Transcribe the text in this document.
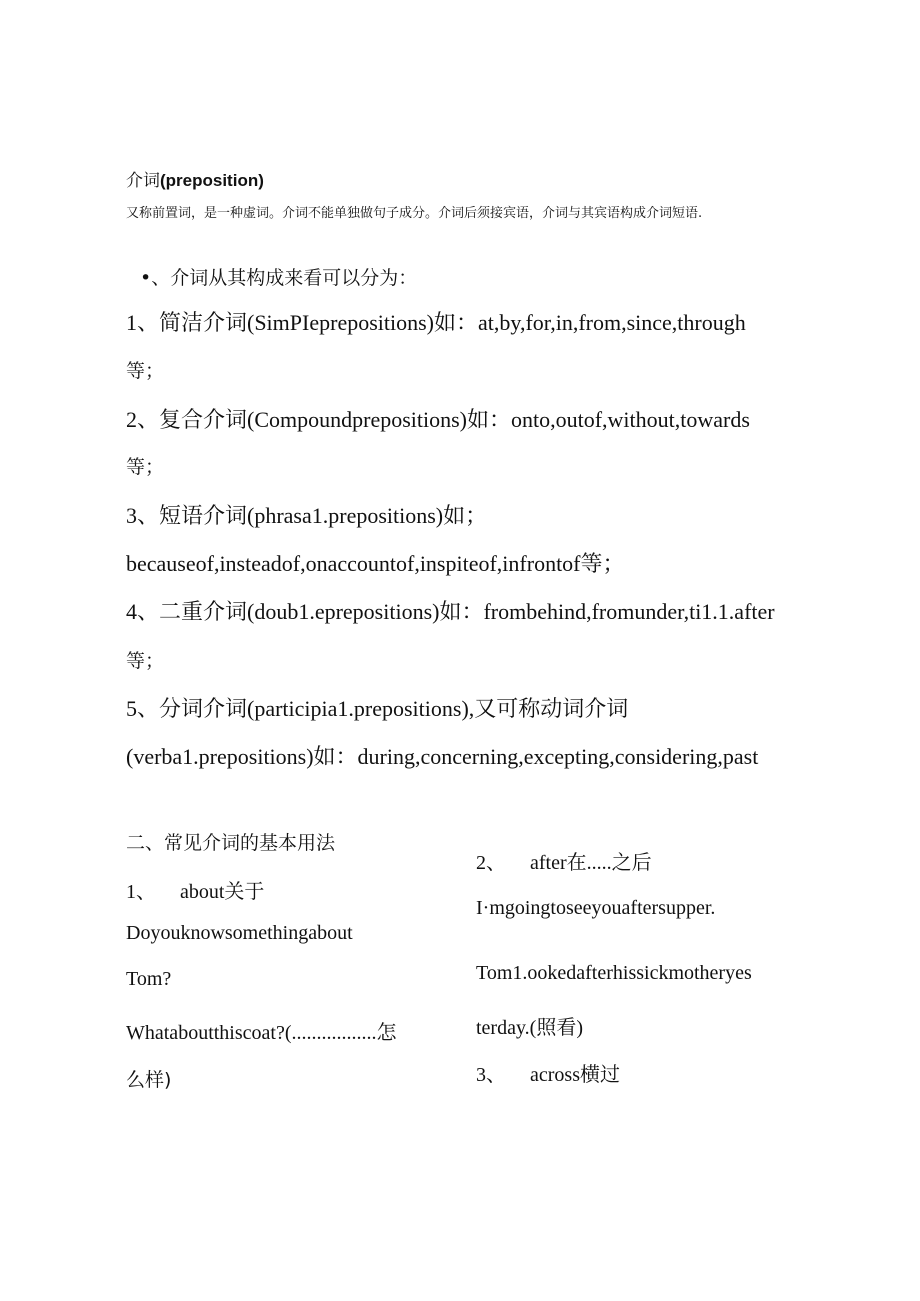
介词(preposition)
又称前置词，是一种虚词。介词不能单独做句子成分。介词后须接宾语，介词与其宾语构成介词短语.
•、介词从其构成来看可以分为：
1、简洁介词(SimPIeprepositions)如：at,by,for,in,from,since,through
等；
2、复合介词(Compoundprepositions)如：onto,outof,without,towards
等；
3、短语介词(phrasa1.prepositions)如；
becauseof,insteadof,onaccountof,inspiteof,infrontof等；
4、二重介词(doub1.eprepositions)如：frombehind,fromunder,ti1.1.after
等；
5、分词介词(participia1.prepositions),又可称动词介词
(verba1.prepositions)如：during,concerning,excepting,considering,past
二、常见介词的基本用法
1、 about关于
Doyouknowsomethingabout
Tom?
Whataboutthiscoat?(.................怎
么样)
2、 after在.....之后
I·mgoingtoseeyouaftersupper.
Tom1.ookedafterhissickmotheryes
terday.(照看)
3、 across横过
